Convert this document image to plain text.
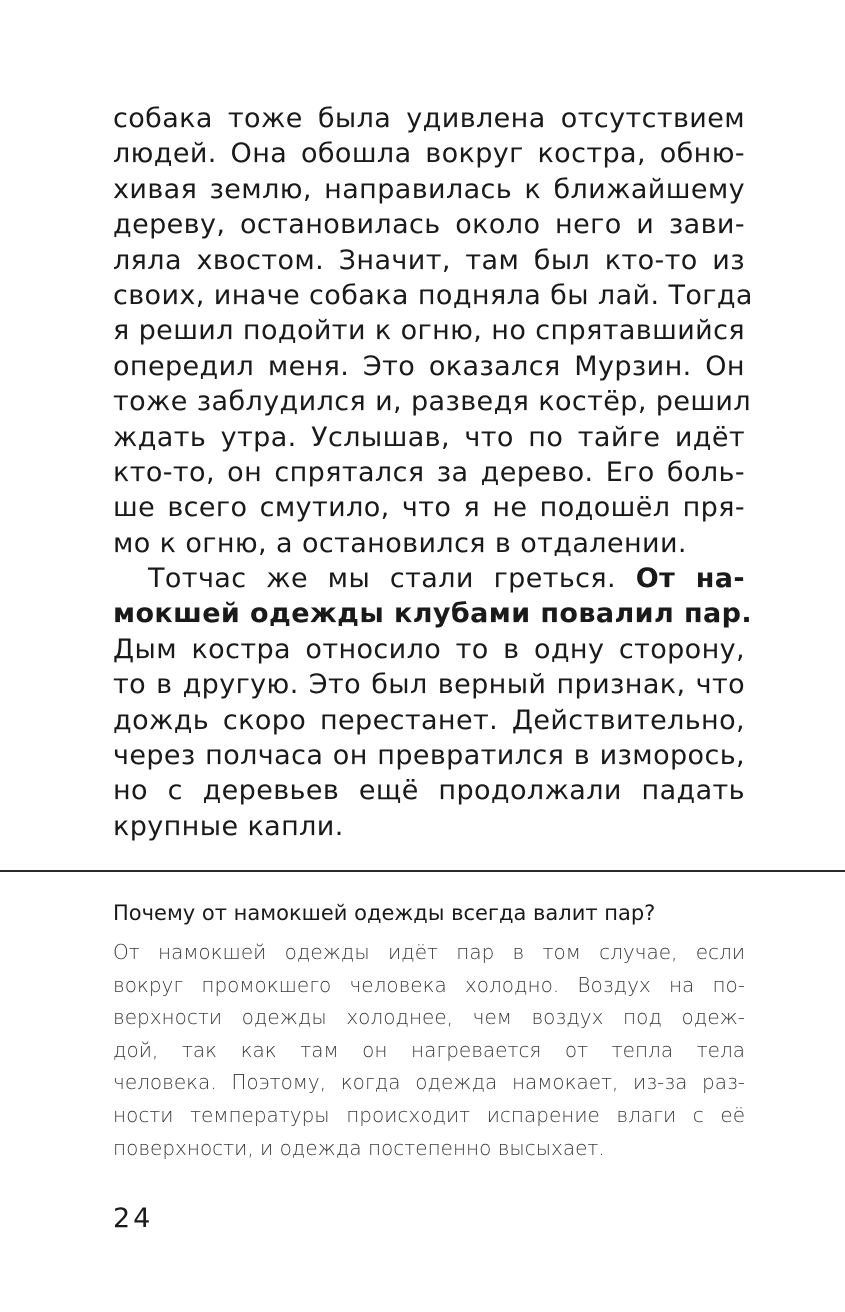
собака тоже была удивлена отсутствием
людей. Она обошла вокруг костра, обню-
хивая землю, направилась к ближайшему
дереву, остановилась около него и зави-
ляла хвостом. Значит, там был кто-то из
своих, иначе собака подняла бы лай. Тогда
я решил подойти к огню, но спрятавшийся
опередил меня. Это оказался Мурзин. Он
тоже заблудился и, разведя костёр, решил
ждать утра. Услышав, что по тайге идёт
кто-то, он спрятался за дерево. Его боль-
ше всего смутило, что я не подошёл пря-
мо к огню, а остановился в отдалении.
Тотчас же мы стали греться. От на-
мокшей одежды клубами повалил пар.
Дым костра относило то в одну сторону,
то в другую. Это был верный признак, что
дождь скоро перестанет. Действительно,
через полчаса он превратился в изморось,
но с деревьев ещё продолжали падать
крупные капли.
Почему от намокшей одежды всегда валит пар?
От намокшей одежды идёт пар в том случае, если
вокруг промокшего человека холодно. Воздух на по-
верхности одежды холоднее, чем воздух под одеж-
дой, так как там он нагревается от тепла тела
человека. Поэтому, когда одежда намокает, из-за раз-
ности температуры происходит испарение влаги с её
поверхности, и одежда постепенно высыхает.
24
